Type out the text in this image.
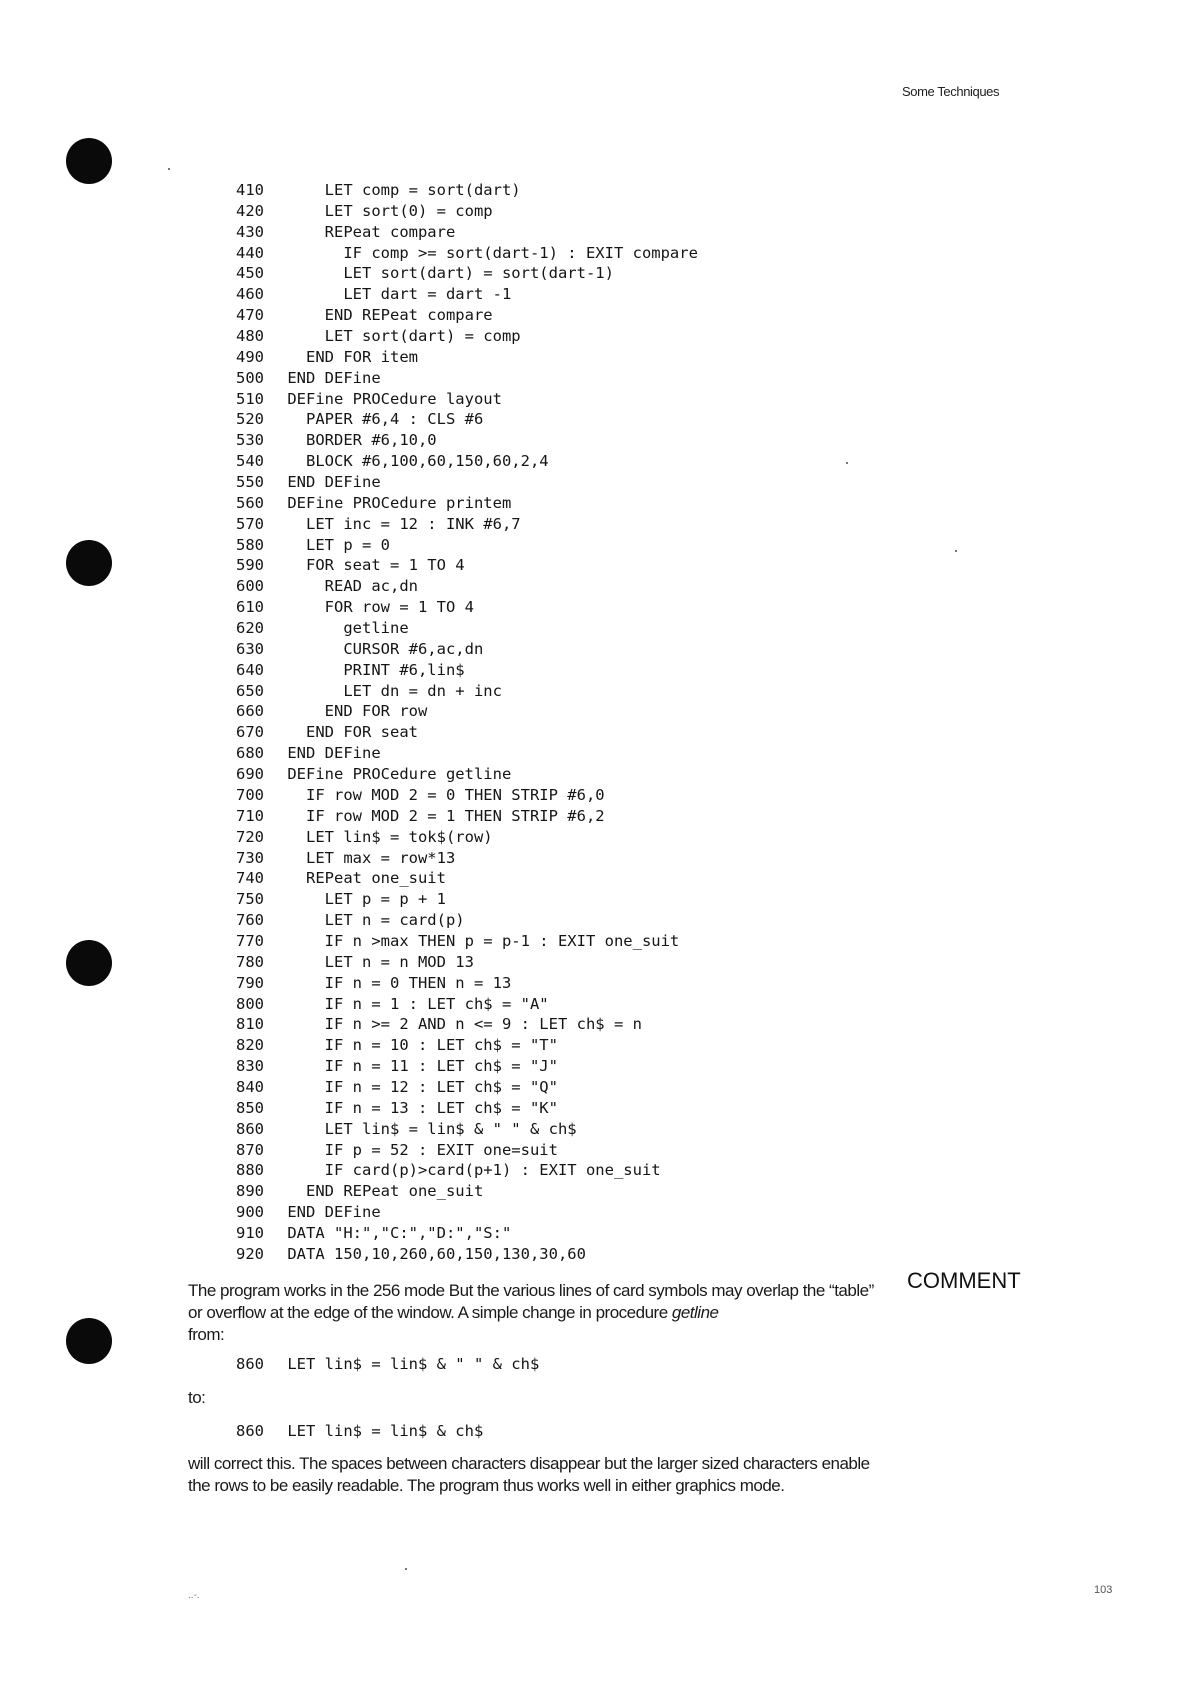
Some Techniques
410     LET comp = sort(dart)
420     LET sort(0) = comp
430     REPeat compare
440       IF comp >= sort(dart-1) : EXIT compare
450       LET sort(dart) = sort(dart-1)
460       LET dart = dart -1
470     END REPeat compare
480     LET sort(dart) = comp
490   END FOR item
500 END DEFine
510 DEFine PROCedure layout
520   PAPER #6,4 : CLS #6
530   BORDER #6,10,0
540   BLOCK #6,100,60,150,60,2,4
550 END DEFine
560 DEFine PROCedure printem
570   LET inc = 12 : INK #6,7
580   LET p = 0
590   FOR seat = 1 TO 4
600     READ ac,dn
610     FOR row = 1 TO 4
620       getline
630       CURSOR #6,ac,dn
640       PRINT #6,lin$
650       LET dn = dn + inc
660     END FOR row
670   END FOR seat
680 END DEFine
690 DEFine PROCedure getline
700   IF row MOD 2 = 0 THEN STRIP #6,0
710   IF row MOD 2 = 1 THEN STRIP #6,2
720   LET lin$ = tok$(row)
730   LET max = row*13
740   REPeat one_suit
750     LET p = p + 1
760     LET n = card(p)
770     IF n >max THEN p = p-1 : EXIT one_suit
780     LET n = n MOD 13
790     IF n = 0 THEN n = 13
800     IF n = 1 : LET ch$ = "A"
810     IF n >= 2 AND n <= 9 : LET ch$ = n
820     IF n = 10 : LET ch$ = "T"
830     IF n = 11 : LET ch$ = "J"
840     IF n = 12 : LET ch$ = "Q"
850     IF n = 13 : LET ch$ = "K"
860     LET lin$ = lin$ & " " & ch$
870     IF p = 52 : EXIT one=suit
880     IF card(p)>card(p+1) : EXIT one_suit
890   END REPeat one_suit
900 END DEFine
910 DATA "H:","C:","D:","S:"
920 DATA 150,10,260,60,150,130,30,60
COMMENT
The program works in the 256 mode But the various lines of card symbols may overlap the “table” or overflow at the edge of the window. A simple change in procedure getline
from:
860 LET lin$ = lin$ & " " & ch$
to:
860 LET lin$ = lin$ & ch$
will correct this. The spaces between characters disappear but the larger sized characters enable the rows to be easily readable. The program thus works well in either graphics mode.
..-.	103
